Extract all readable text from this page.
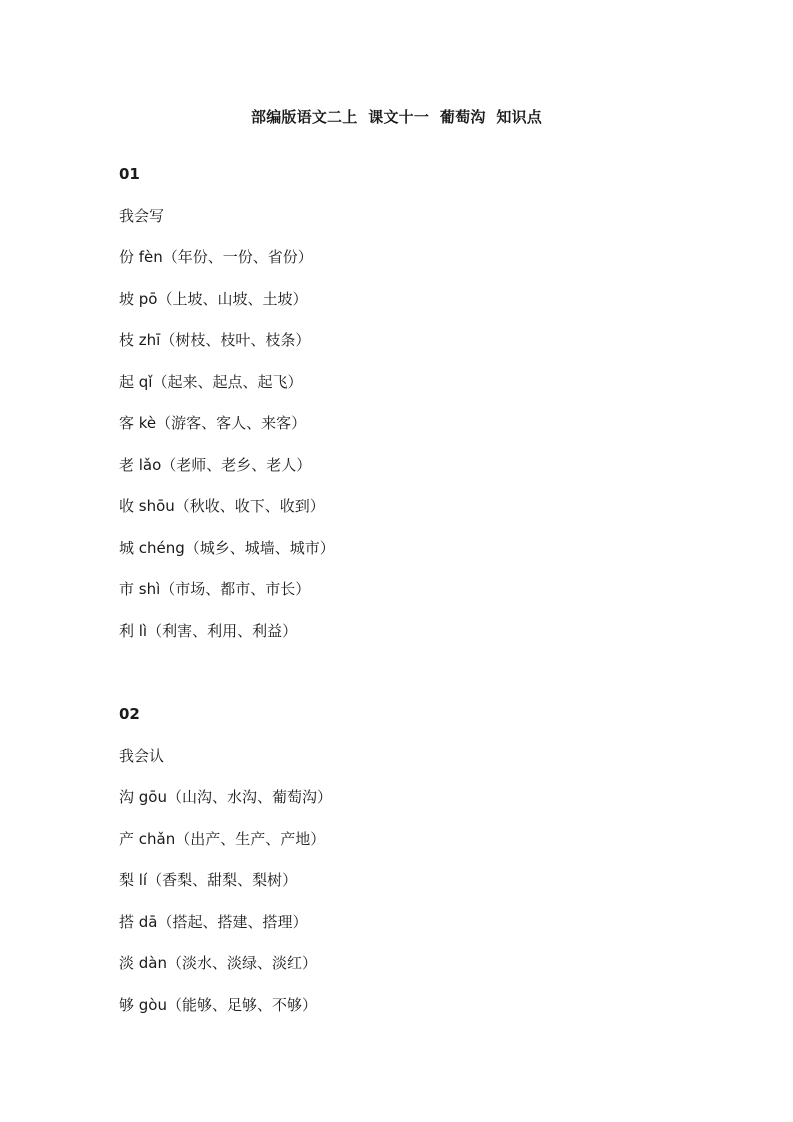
部编版语文二上  课文十一  葡萄沟  知识点
01
我会写
份 fèn（年份、一份、省份）
坡 pō（上坡、山坡、土坡）
枝 zhī（树枝、枝叶、枝条）
起 qǐ（起来、起点、起飞）
客 kè（游客、客人、来客）
老 lǎo（老师、老乡、老人）
收 shōu（秋收、收下、收到）
城 chéng（城乡、城墙、城市）
市 shì（市场、都市、市长）
利 lì（利害、利用、利益）
02
我会认
沟 gōu（山沟、水沟、葡萄沟）
产 chǎn（出产、生产、产地）
梨 lí（香梨、甜梨、梨树）
搭 dā（搭起、搭建、搭理）
淡 dàn（淡水、淡绿、淡红）
够 gòu（能够、足够、不够）
